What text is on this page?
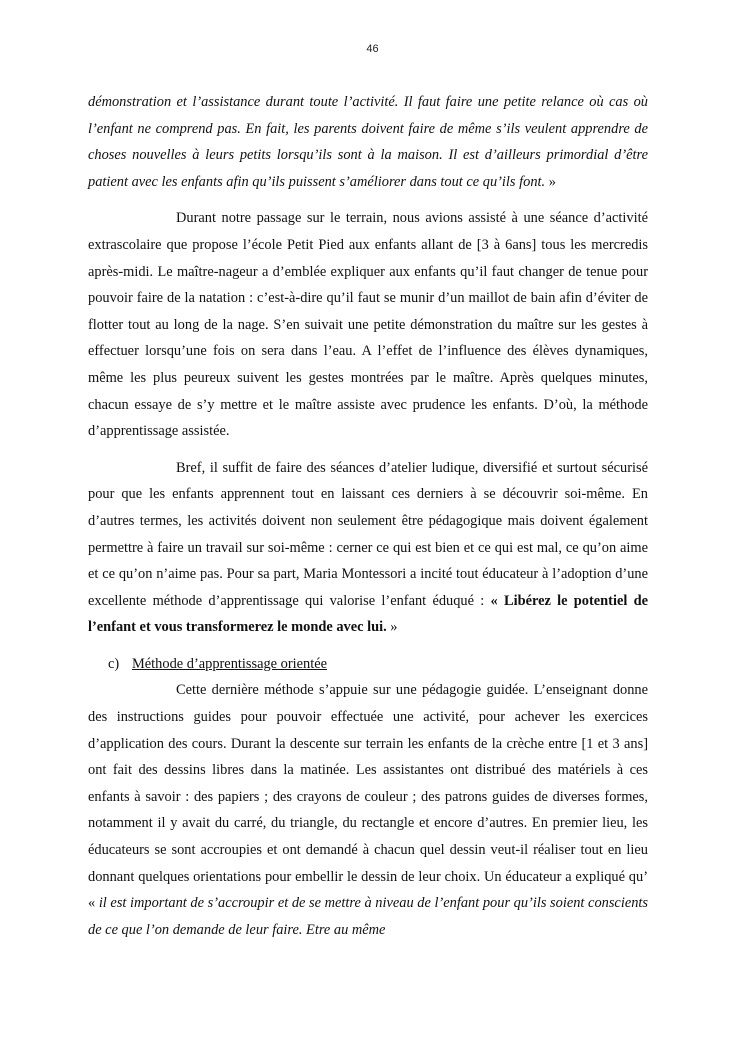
46

démonstration et l’assistance durant toute l’activité. Il faut faire une petite relance où cas où l’enfant ne comprend pas. En fait, les parents doivent faire de même s’ils veulent apprendre de choses nouvelles à leurs petits lorsqu’ils sont à la maison. Il est d’ailleurs primordial d’être patient avec les enfants afin qu’ils puissent s’améliorer dans tout ce qu’ils font. »

Durant notre passage sur le terrain, nous avions assisté à une séance d’activité extrascolaire que propose l’école Petit Pied aux enfants allant de [3 à 6ans] tous les mercredis après-midi. Le maître-nageur a d’emblée expliquer aux enfants qu’il faut changer de tenue pour pouvoir faire de la natation : c’est-à-dire qu’il faut se munir d’un maillot de bain afin d’éviter de flotter tout au long de la nage. S’en suivait une petite démonstration du maître sur les gestes à effectuer lorsqu’une fois on sera dans l’eau. A l’effet de l’influence des élèves dynamiques, même les plus peureux suivent les gestes montrées par le maître. Après quelques minutes, chacun essaye de s’y mettre et le maître assiste avec prudence les enfants. D’où, la méthode d’apprentissage assistée.

Bref, il suffit de faire des séances d’atelier ludique, diversifié et surtout sécurisé pour que les enfants apprennent tout en laissant ces derniers à se découvrir soi-même. En d’autres termes, les activités doivent non seulement être pédagogique mais doivent également permettre à faire un travail sur soi-même : cerner ce qui est bien et ce qui est mal, ce qu’on aime et ce qu’on n’aime pas. Pour sa part, Maria Montessori a incité tout éducateur à l’adoption d’une excellente méthode d’apprentissage qui valorise l’enfant éduqué : « Libérez le potentiel de l’enfant et vous transformerez le monde avec lui. »

c) Méthode d’apprentissage orientée

Cette dernière méthode s’appuie sur une pédagogie guidée. L’enseignant donne des instructions guides pour pouvoir effectuée une activité, pour achever les exercices d’application des cours. Durant la descente sur terrain les enfants de la crèche entre [1 et 3 ans] ont fait des dessins libres dans la matinée. Les assistantes ont distribué des matériels à ces enfants à savoir : des papiers ; des crayons de couleur ; des patrons guides de diverses formes, notamment il y avait du carré, du triangle, du rectangle et encore d’autres. En premier lieu, les éducateurs se sont accroupies et ont demandé à chacun quel dessin veut-il réaliser tout en lieu donnant quelques orientations pour embellir le dessin de leur choix. Un éducateur a expliqué qu’ « il est important de s’accroupir et de se mettre à niveau de l’enfant pour qu’ils soient conscients de ce que l’on demande de leur faire. Etre au même
